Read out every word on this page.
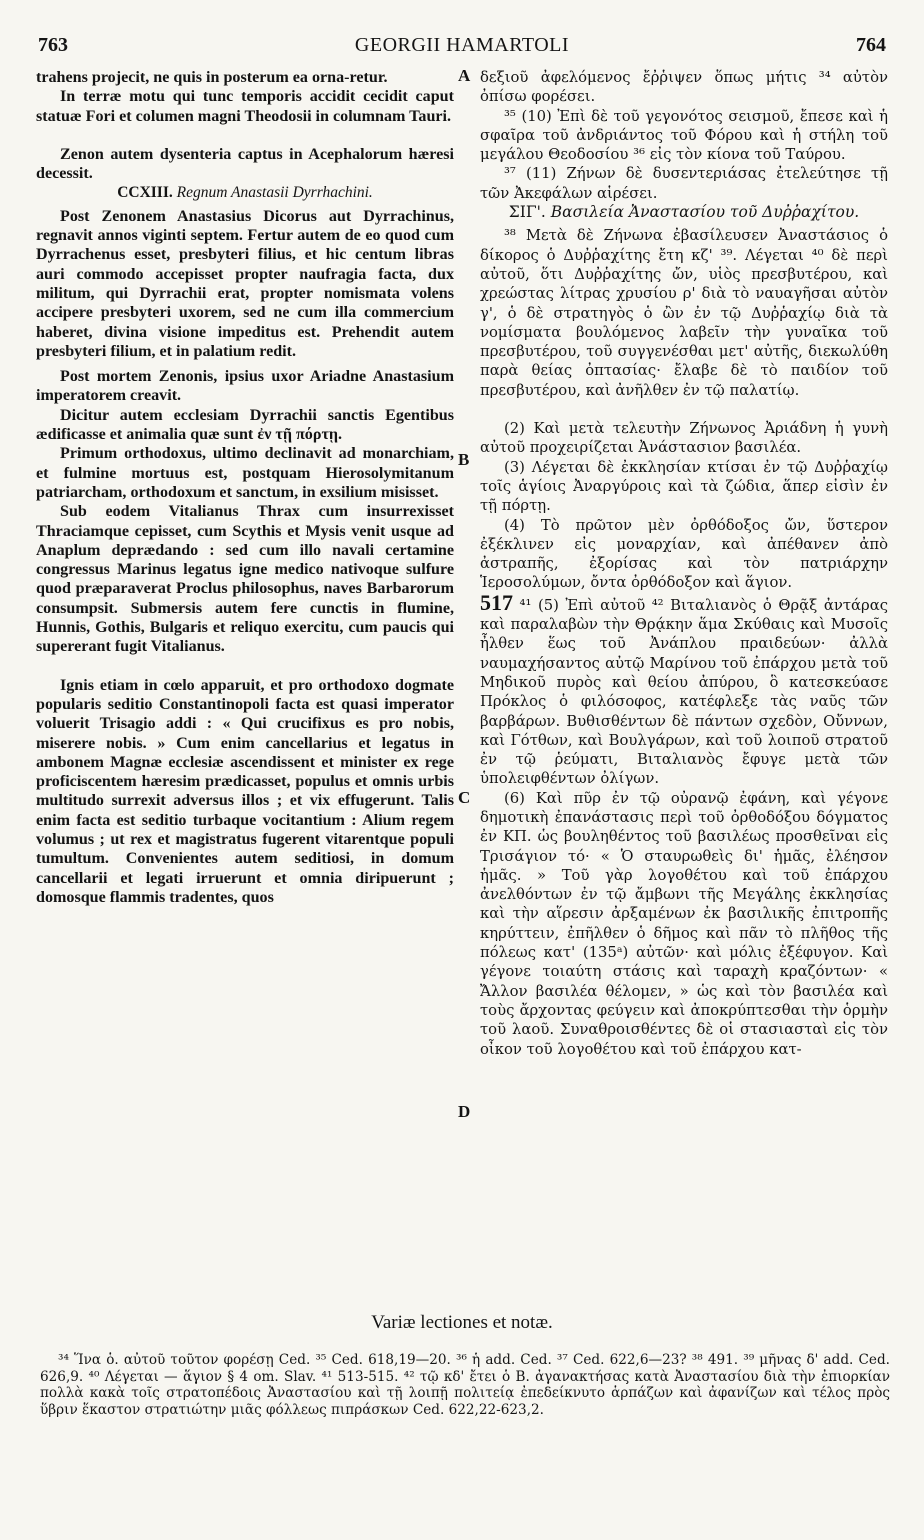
763	GEORGII HAMARTOLI	764
A
B
C
D

trahens projecit, ne quis in posterum ea orna-retur.

In terræ motu qui tunc temporis accidit cecidit caput statuæ Fori et columen magni Theodosii in columnam Tauri.

Zenon autem dysenteria captus in Acephalorum hæresi decessit.

CCXIII. Regnum Anastasii Dyrrhachini.

Post Zenonem Anastasius Dicorus aut Dyrrachinus, regnavit annos viginti septem. Fertur autem de eo quod cum Dyrrachenus esset, presbyteri filius, et hic centum libras auri commodo accepisset propter naufragia facta, dux militum, qui Dyrrachii erat, propter nomismata volens accipere presbyteri uxorem, sed ne cum illa commercium haberet, divina visione impeditus est. Prehendit autem presbyteri filium, et in palatium redit.

Post mortem Zenonis, ipsius uxor Ariadne Anastasium imperatorem creavit.

Dicitur autem ecclesiam Dyrrachii sanctis Egentibus ædificasse et animalia quæ sunt ἐν τῇ πόρτῃ.

Primum orthodoxus, ultimo declinavit ad monarchiam, et fulmine mortuus est, postquam Hierosolymitanum patriarcham, orthodoxum et sanctum, in exsilium misisset.

Sub eodem Vitalianus Thrax cum insurrexisset Thraciamque cepisset, cum Scythis et Mysis venit usque ad Anaplum deprædando : sed cum illo navali certamine congressus Marinus legatus igne medico nativoque sulfure quod præparaverat Proclus philosophus, naves Barbarorum consumpsit. Submersis autem fere cunctis in flumine, Hunnis, Gothis, Bulgaris et reliquo exercitu, cum paucis qui supererant fugit Vitalianus.

Ignis etiam in cœlo apparuit, et pro orthodoxo dogmate popularis seditio Constantinopoli facta est quasi imperator voluerit Trisagio addi : « Qui crucifixus es pro nobis, miserere nobis. » Cum enim cancellarius et legatus in ambonem Magnæ ecclesiæ ascendissent et minister ex rege proficiscentem hæresim prædicasset, populus et omnis urbis multitudo surrexit adversus illos ; et vix effugerunt. Talis enim facta est seditio turbaque vocitantium : Alium regem volumus ; ut rex et magistratus fugerent vitarentque populi tumultum. Convenientes autem seditiosi, in domum cancellarii et legati irruerunt et omnia diripuerunt ; domosque flammis tradentes, quos

δεξιοῦ ἀφελόμενος ἔῤῥιψεν ὅπως μήτις ³⁴ αὐτὸν ὀπίσω φορέσει.

³⁵ (10) Ἐπὶ δὲ τοῦ γεγονότος σεισμοῦ, ἔπεσε καὶ ἡ σφαῖρα τοῦ ἀνδριάντος τοῦ Φόρου καὶ ἡ στήλη τοῦ μεγάλου Θεοδοσίου ³⁶ εἰς τὸν κίονα τοῦ Ταύρου.

³⁷ (11) Ζήνων δὲ δυσεντεριάσας ἐτελεύτησε τῇ τῶν Ἀκεφάλων αἱρέσει.

ΣΙΓ'. Βασιλεία Ἀναστασίου τοῦ Δυῤῥαχίτου.

³⁸ Μετὰ δὲ Ζήνωνα ἐβασίλευσεν Ἀναστάσιος ὁ δίκορος ὁ Δυῤῥαχίτης ἔτη κζ' ³⁹. Λέγεται ⁴⁰ δὲ περὶ αὐτοῦ, ὅτι Δυῤῥαχίτης ὤν, υἱὸς πρεσβυτέρου, καὶ χρεώστας λίτρας χρυσίου ρ' διὰ τὸ ναυαγῆσαι αὐτὸν γ', ὁ δὲ στρατηγὸς ὁ ὢν ἐν τῷ Δυῤῥαχίῳ διὰ τὰ νομίσματα βουλόμενος λαβεῖν τὴν γυναῖκα τοῦ πρεσβυτέρου, τοῦ συγγενέσθαι μετ' αὐτῆς, διεκωλύθη παρὰ θείας ὀπτασίας· ἔλαβε δὲ τὸ παιδίον τοῦ πρεσβυτέρου, καὶ ἀνῆλθεν ἐν τῷ παλατίῳ.

(2) Καὶ μετὰ τελευτὴν Ζήνωνος Ἀριάδνη ἡ γυνὴ αὐτοῦ προχειρίζεται Ἀνάστασιον βασιλέα.

(3) Λέγεται δὲ ἐκκλησίαν κτίσαι ἐν τῷ Δυῤῥαχίῳ τοῖς ἁγίοις Ἀναργύροις καὶ τὰ ζώδια, ἅπερ εἰσὶν ἐν τῇ πόρτῃ.

(4) Τὸ πρῶτον μὲν ὀρθόδοξος ὤν, ὕστερον ἐξέκλινεν εἰς μοναρχίαν, καὶ ἀπέθανεν ἀπὸ ἀστραπῆς, ἐξορίσας καὶ τὸν πατριάρχην Ἱεροσολύμων, ὄντα ὀρθόδοξον καὶ ἅγιον.

517 ⁴¹ (5) Ἐπὶ αὐτοῦ ⁴² Βιταλιανὸς ὁ Θρᾷξ ἀντάρας καὶ παραλαβὼν τὴν Θρᾴκην ἅμα Σκύθαις καὶ Μυσοῖς ἦλθεν ἕως τοῦ Ἀνάπλου πραιδεύων· ἀλλὰ ναυμαχήσαντος αὐτῷ Μαρίνου τοῦ ἐπάρχου μετὰ τοῦ Μηδικοῦ πυρὸς καὶ θείου ἀπύρου, ὃ κατεσκεύασε Πρόκλος ὁ φιλόσοφος, κατέφλεξε τὰς ναῦς τῶν βαρβάρων. Βυθισθέντων δὲ πάντων σχεδὸν, Οὔννων, καὶ Γότθων, καὶ Βουλγάρων, καὶ τοῦ λοιποῦ στρατοῦ ἐν τῷ ῥεύματι, Βιταλιανὸς ἔφυγε μετὰ τῶν ὑπολειφθέντων ὀλίγων.

(6) Καὶ πῦρ ἐν τῷ οὐρανῷ ἐφάνη, καὶ γέγονε δημοτικὴ ἐπανάστασις περὶ τοῦ ὀρθοδόξου δόγματος ἐν ΚΠ. ὡς βουληθέντος τοῦ βασιλέως προσθεῖναι εἰς Τρισάγιον τό· « Ὁ σταυρωθεὶς δι' ἡμᾶς, ἐλέησον ἡμᾶς. » Τοῦ γὰρ λογοθέτου καὶ τοῦ ἐπάρχου ἀνελθόντων ἐν τῷ ἄμβωνι τῆς Μεγάλης ἐκκλησίας καὶ τὴν αἵρεσιν ἀρξαμένων ἐκ βασιλικῆς ἐπιτροπῆς κηρύττειν, ἐπῆλθεν ὁ δῆμος καὶ πᾶν τὸ πλῆθος τῆς πόλεως κατ' (135ᵃ) αὐτῶν· καὶ μόλις ἐξέφυγον. Καὶ γέγονε τοιαύτη στάσις καὶ ταραχὴ κραζόντων· « Ἄλλον βασιλέα θέλομεν, » ὡς καὶ τὸν βασιλέα καὶ τοὺς ἄρχοντας φεύγειν καὶ ἀποκρύπτεσθαι τὴν ὁρμὴν τοῦ λαοῦ. Συναθροισθέντες δὲ οἱ στασιασταὶ εἰς τὸν οἶκον τοῦ λογοθέτου καὶ τοῦ ἐπάρχου κατ-

Variæ lectiones et notæ.

³⁴ Ἵνα ὁ. αὐτοῦ τοῦτον φορέσῃ Ced. ³⁵ Ced. 618,19—20. ³⁶ ἡ add. Ced. ³⁷ Ced. 622,6—23? ³⁸ 491. ³⁹ μῆνας δ' add. Ced. 626,9. ⁴⁰ Λέγεται — ἅγιον § 4 om. Slav. ⁴¹ 513-515. ⁴² τῷ κδ' ἔτει ὁ Β. ἀγανακτήσας κατὰ Ἀναστασίου διὰ τὴν ἐπιορκίαν πολλὰ κακὰ τοῖς στρατοπέδοις Ἀναστασίου καὶ τῇ λοιπῇ πολιτείᾳ ἐπεδείκνυτο ἁρπάζων καὶ ἀφανίζων καὶ τέλος πρὸς ὕβριν ἕκαστον στρατιώτην μιᾶς φόλλεως πιπράσκων Ced. 622,22-623,2.
